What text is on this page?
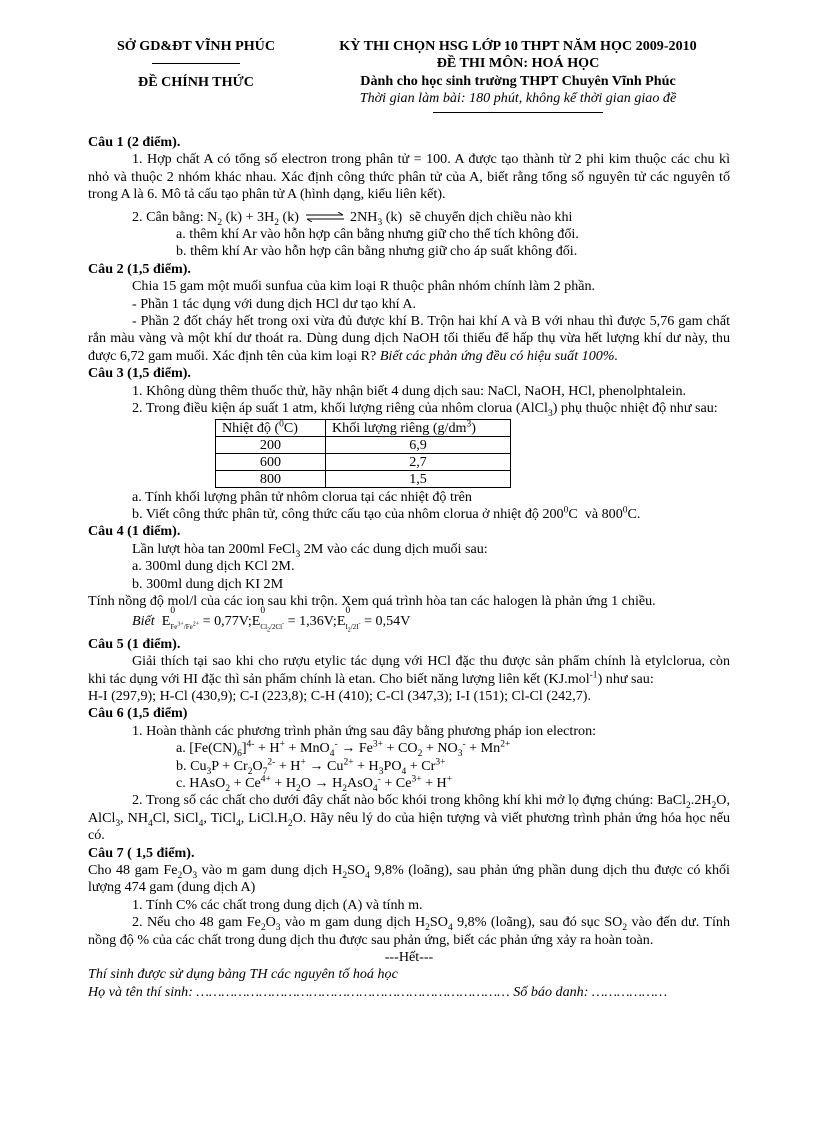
SỞ GD&ĐT VĨNH PHÚC
ĐỀ CHÍNH THỨC
KỲ THI CHỌN HSG LỚP 10 THPT NĂM HỌC 2009-2010
ĐỀ THI MÔN: HOÁ HỌC
Dành cho học sinh trường THPT Chuyên Vĩnh Phúc
Thời gian làm bài: 180 phút, không kể thời gian giao đề

Câu 1 (2 điểm).

1. Hợp chất A có tổng số electron trong phân tử = 100. A được tạo thành từ 2 phi kim thuộc các chu kì nhỏ và thuộc 2 nhóm khác nhau. Xác định công thức phân tử của A, biết rằng tổng số nguyên tử các nguyên tố trong A là 6. Mô tả cấu tạo phân tử A (hình dạng, kiểu liên kết).

2. Cân bằng: $N_2$ $(k) + 3H_2$ (k) ⇌ $2NH_3$ (k)  sẽ chuyển dịch chiều nào khi

a. thêm khí Ar vào hỗn hợp cân bằng nhưng giữ cho thể tích không đổi.

b. thêm khí Ar vào hỗn hợp cân bằng nhưng giữ cho áp suất không đổi.

Câu 2 (1,5 điểm).

Chia 15 gam một muối sunfua của kim loại R thuộc phân nhóm chính làm 2 phần.

- Phần 1 tác dụng với dung dịch HCl dư tạo khí A.

- Phần 2 đốt cháy hết trong oxi vừa đủ được khí B. Trộn hai khí A và B với nhau thì được 5,76 gam chất rắn màu vàng và một khí dư thoát ra. Dùng dung dịch NaOH tối thiểu để hấp thụ vừa hết lượng khí dư này, thu được 6,72 gam muối. Xác định tên của kim loại R? Biết các phản ứng đều có hiệu suất 100%.

Câu 3 (1,5 điểm).

1. Không dùng thêm thuốc thử, hãy nhận biết 4 dung dịch sau: NaCl, NaOH, HCl, phenolphtalein.

2. Trong điều kiện áp suất 1 atm, khối lượng riêng của nhôm clorua (AlCl$_3$) phụ thuộc nhiệt độ như sau:

Nhiệt độ ($^0$C)	Khối lượng riêng $(g/dm^3)$
200	6,9
600	2,7
800	1,5

a. Tính khối lượng phân tử nhôm clorua tại các nhiệt độ trên

b. Viết công thức phân tử, công thức cấu tạo của nhôm clorua ở nhiệt độ $200^0C$  và $800^0C$.

Câu 4 (1 điểm).

Lần lượt hòa tan 200ml FeCl$_3$ 2M vào các dung dịch muối sau:

a. 300ml dung dịch KCl 2M.

b. 300ml dung dịch KI 2M

Tính nồng độ mol/l của các ion sau khi trộn. Xem quá trình hòa tan các halogen là phản ứng 1 chiều.

Biết  E
0
$_{Fe^{3+}/Fe^{2+}}$ = 0,77V;E
0
$_{Cl_2/2Cl^-}$ = 1,36V;E
0
$_{I_2/2I^-}$ = 0,54V

Câu 5 (1 điểm).

Giải thích tại sao khi cho rượu etylic tác dụng với HCl đặc thu được sản phẩm chính là etylclorua, còn khi tác dụng với HI đặc thì sản phẩm chính là etan. Cho biết năng lượng liên kết (KJ.mol$^{-1}$) như sau:

H-I (297,9); H-Cl (430,9); C-I (223,8); C-H (410); C-Cl (347,3); I-I (151); Cl-Cl (242,7).

Câu 6 (1,5 điểm)

1. Hoàn thành các phương trình phản ứng sau đây bằng phương pháp ion electron:

a. $[Fe(CN)_6]^{4-} + H^+ + MnO_4^- \to Fe^{3+} + CO_2 + NO_3^- + Mn^{2+}$

b. $Cu_3P + Cr_2O_7^{2-} + H^+ \to Cu^{2+} + H_3PO_4 + Cr^{3+}$

c. HAsO$_2$ + $Ce^{4+} + H_2O \to H_2AsO_4^- + Ce^{3+} + H^+$

2. Trong số các chất cho dưới đây chất nào bốc khói trong không khí khi mở lọ đựng chúng: $BaCl_2.2H_2O$, AlCl$_3$, $NH_4Cl$, SiCl$_4$, TiCl$_4$, $LiCl.H_2O$. Hãy nêu lý do của hiện tượng và viết phương trình phản ứng hóa học nếu có.

Câu 7 ( 1,5 điểm).

Cho 48 gam $Fe_2O_3$ vào m gam dung dịch $H_2SO_4$ 9,8% (loãng), sau phản ứng phần dung dịch thu được có khối lượng 474 gam (dung dịch A)

1. Tính C% các chất trong dung dịch (A) và tính m.

2. Nếu cho 48 gam $Fe_2O_3$ vào m gam dung dịch $H_2SO_4$ 9,8% (loãng), sau đó sục $SO_2$ vào đến dư. Tính nồng độ % của các chất trong dung dịch thu được sau phản ứng, biết các phản ứng xảy ra hoàn toàn.

---Hết---

Thí sinh được sử dụng bảng TH các nguyên tố hoá học

Họ và tên thí sinh: ………………………………………………………………… Số báo danh: ………………
